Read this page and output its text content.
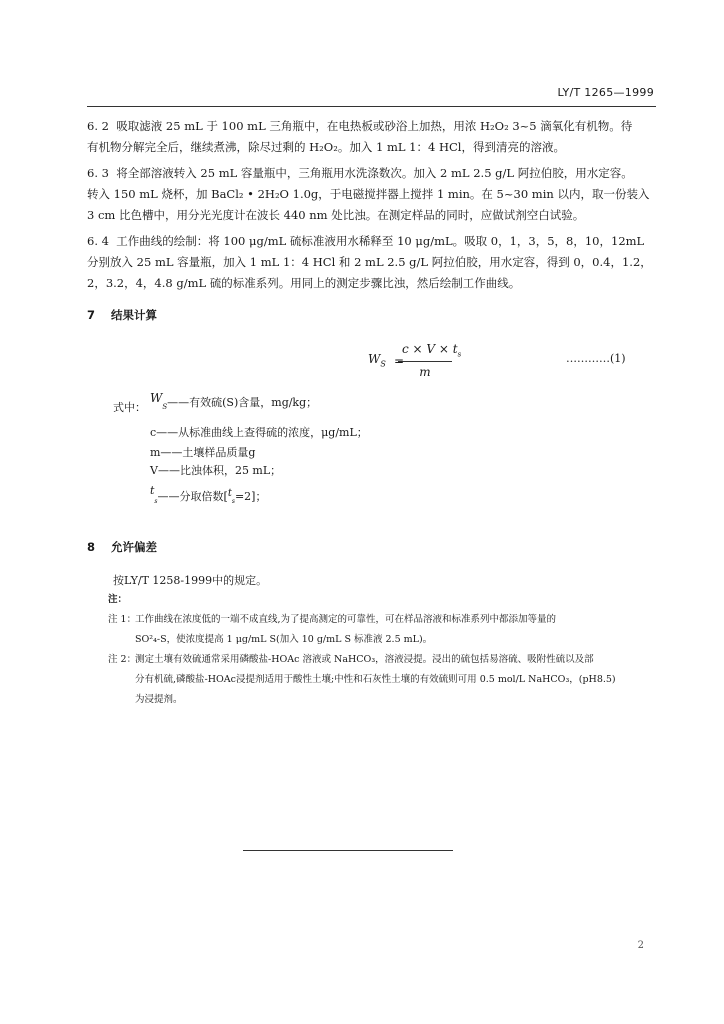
LY/T 1265—1999
6. 2 吸取滤液 25 mL 于 100 mL 三角瓶中，在电热板或砂浴上加热，用浓 H₂O₂ 3~5 滴氧化有机物。待
有机物分解完全后，继续煮沸，除尽过剩的 H₂O₂。加入 1 mL 1：4 HCl，得到清亮的溶液。
6. 3 将全部溶液转入 25 mL 容量瓶中，三角瓶用水洗涤数次。加入 2 mL 2.5 g/L 阿拉伯胶，用水定容。
转入 150 mL 烧杯，加 BaCl₂ • 2H₂O 1.0g，于电磁搅拌器上搅拌 1 min。在 5~30 min 以内，取一份装入
3 cm 比色槽中，用分光光度计在波长 440 nm 处比浊。在测定样品的同时，应做试剂空白试验。
6. 4 工作曲线的绘制：将 100 μg/mL 硫标准液用水稀释至 10 μg/mL。吸取 0，1，3，5，8，10，12mL
分别放入 25 mL 容量瓶，加入 1 mL 1：4 HCl 和 2 mL 2.5 g/L 阿拉伯胶，用水定容，得到 0，0.4，1.2，
2，3.2，4，4.8 g/mL 硫的标准系列。用同上的测定步骤比浊，然后绘制工作曲线。
7 结果计算
$W_S$ =
$c \times V \times t_s$
m
…………(1)
式中：
$W_S——$有效硫(S)含量，mg/kg；
c——从标准曲线上查得硫的浓度，μg/mL；
m——土壤样品质量g
V——比浊体积，25 mL；
$t_s——$分取倍数$[t_s=2]$；
8 允许偏差
按LY/T 1258-1999中的规定。
注：
注 1：
工作曲线在浓度低的一端不成直线,为了提高测定的可靠性，可在样品溶液和标准系列中都添加等量的
SO²₄-S，使浓度提高 1 μg/mL S(加入 10 g/mL S 标准液 2.5 mL)。
注 2：
测定土壤有效硫通常采用磷酸盐-HOAc 溶液或 NaHCO₃，溶液浸提。浸出的硫包括易溶硫、吸附性硫以及部
分有机硫,磷酸盐-HOAc浸提剂适用于酸性土壤;中性和石灰性土壤的有效硫则可用 0.5 mol/L NaHCO₃，(pH8.5)
为浸提剂。
2
